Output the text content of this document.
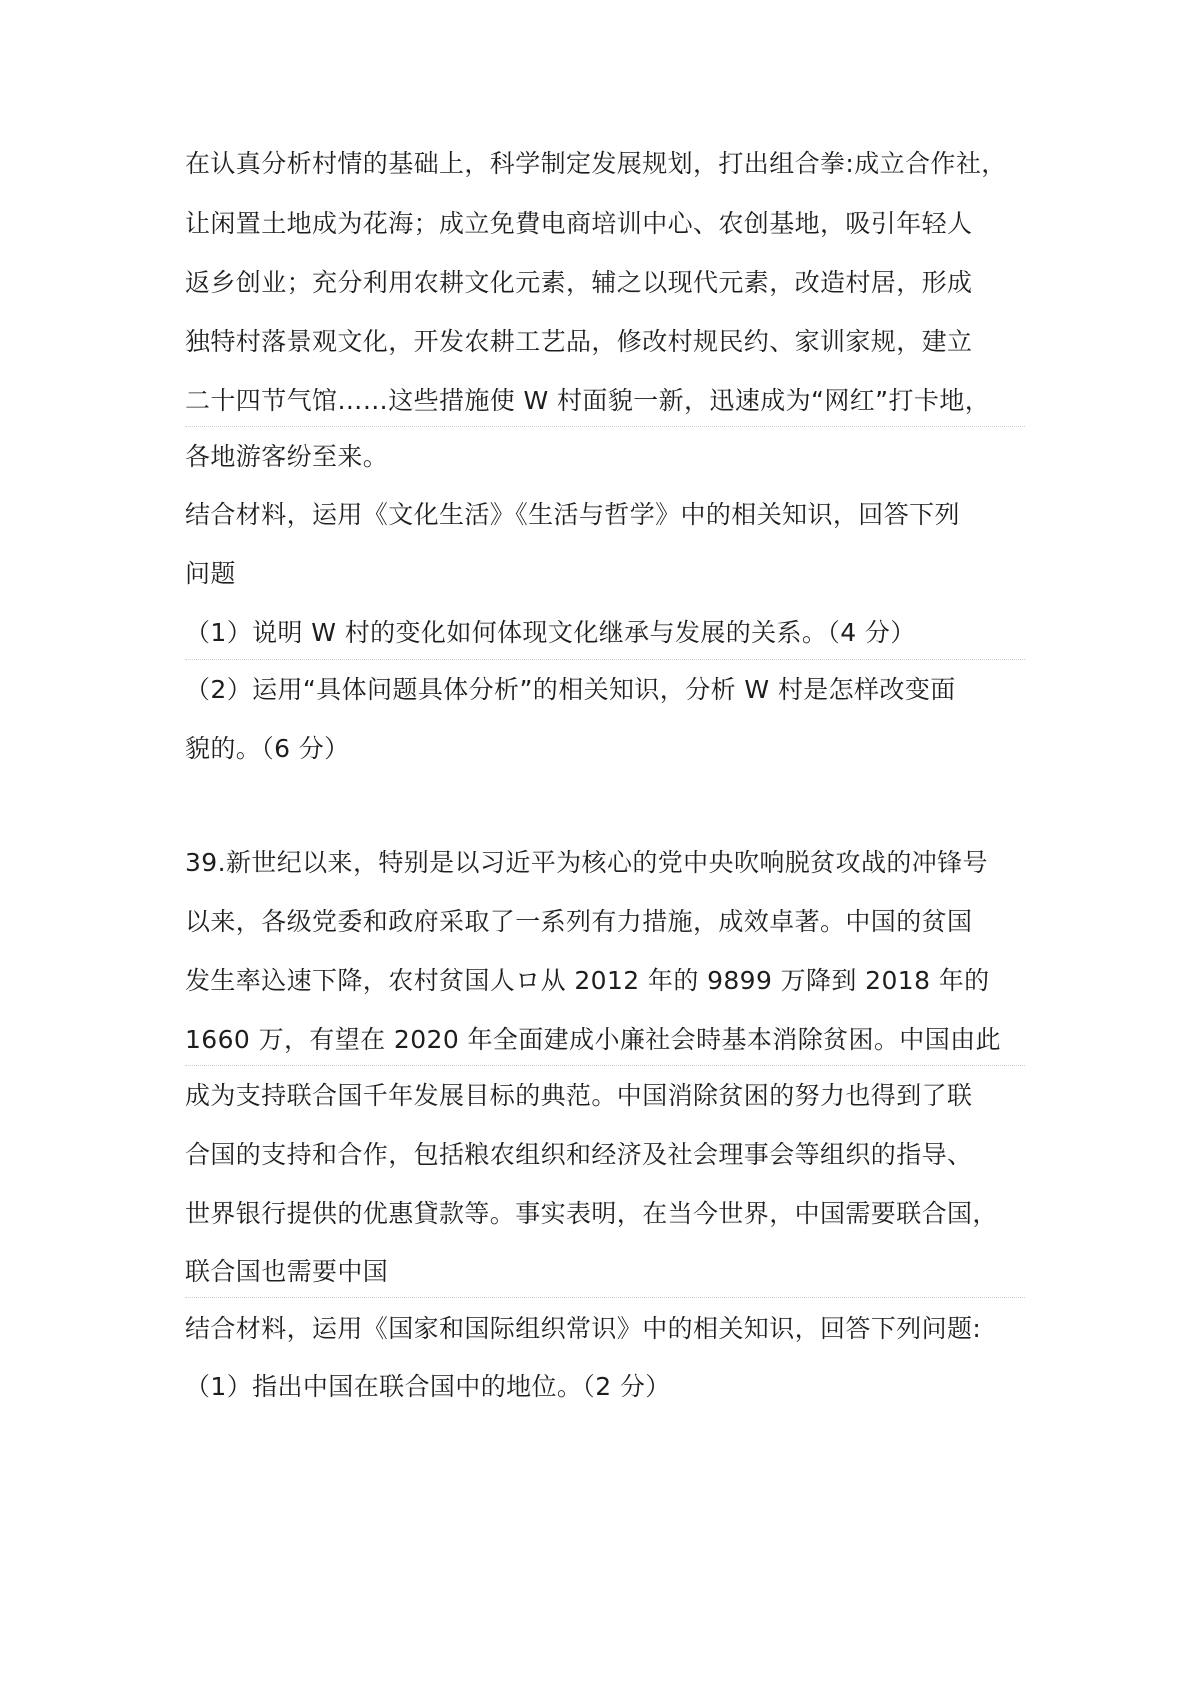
在认真分析村情的基础上，科学制定发展规划，打出组合拳:成立合作社，
让闲置土地成为花海；成立免費电商培训中心、农创基地，吸引年轻人
返乡创业；充分利用农耕文化元素，辅之以现代元素，改造村居，形成
独特村落景观文化，开发农耕工艺品，修改村规民约、家训家规，建立
二十四节气馆……这些措施使 W 村面貌一新，迅速成为“网红”打卡地，
各地游客纷至来。
结合材料，运用《文化生活》《生活与哲学》中的相关知识，回答下列
问题
（1）说明 W 村的变化如何体现文化继承与发展的关系。（4 分）
（2）运用“具体问题具体分析”的相关知识，分析 W 村是怎样改变面
貌的。（6 分）
39.新世纪以来，特别是以习近平为核心的党中央吹响脱贫攻战的冲锋号
以来，各级党委和政府采取了一系列有力措施，成效卓著。中国的贫国
发生率込速下降，农村贫国人ロ从 2012 年的 9899 万降到 2018 年的
1660 万，有望在 2020 年全面建成小廉社会時基本消除贫困。中国由此
成为支持联合国千年发展目标的典范。中国消除贫困的努力也得到了联
合国的支持和合作，包括粮农组织和经济及社会理事会等组织的指导、
世界银行提供的优惠貸款等。事实表明，在当今世界，中国需要联合国，
联合国也需要中国
结合材料，运用《国家和国际组织常识》中的相关知识，回答下列问题:
（1）指出中国在联合国中的地位。（2 分）
